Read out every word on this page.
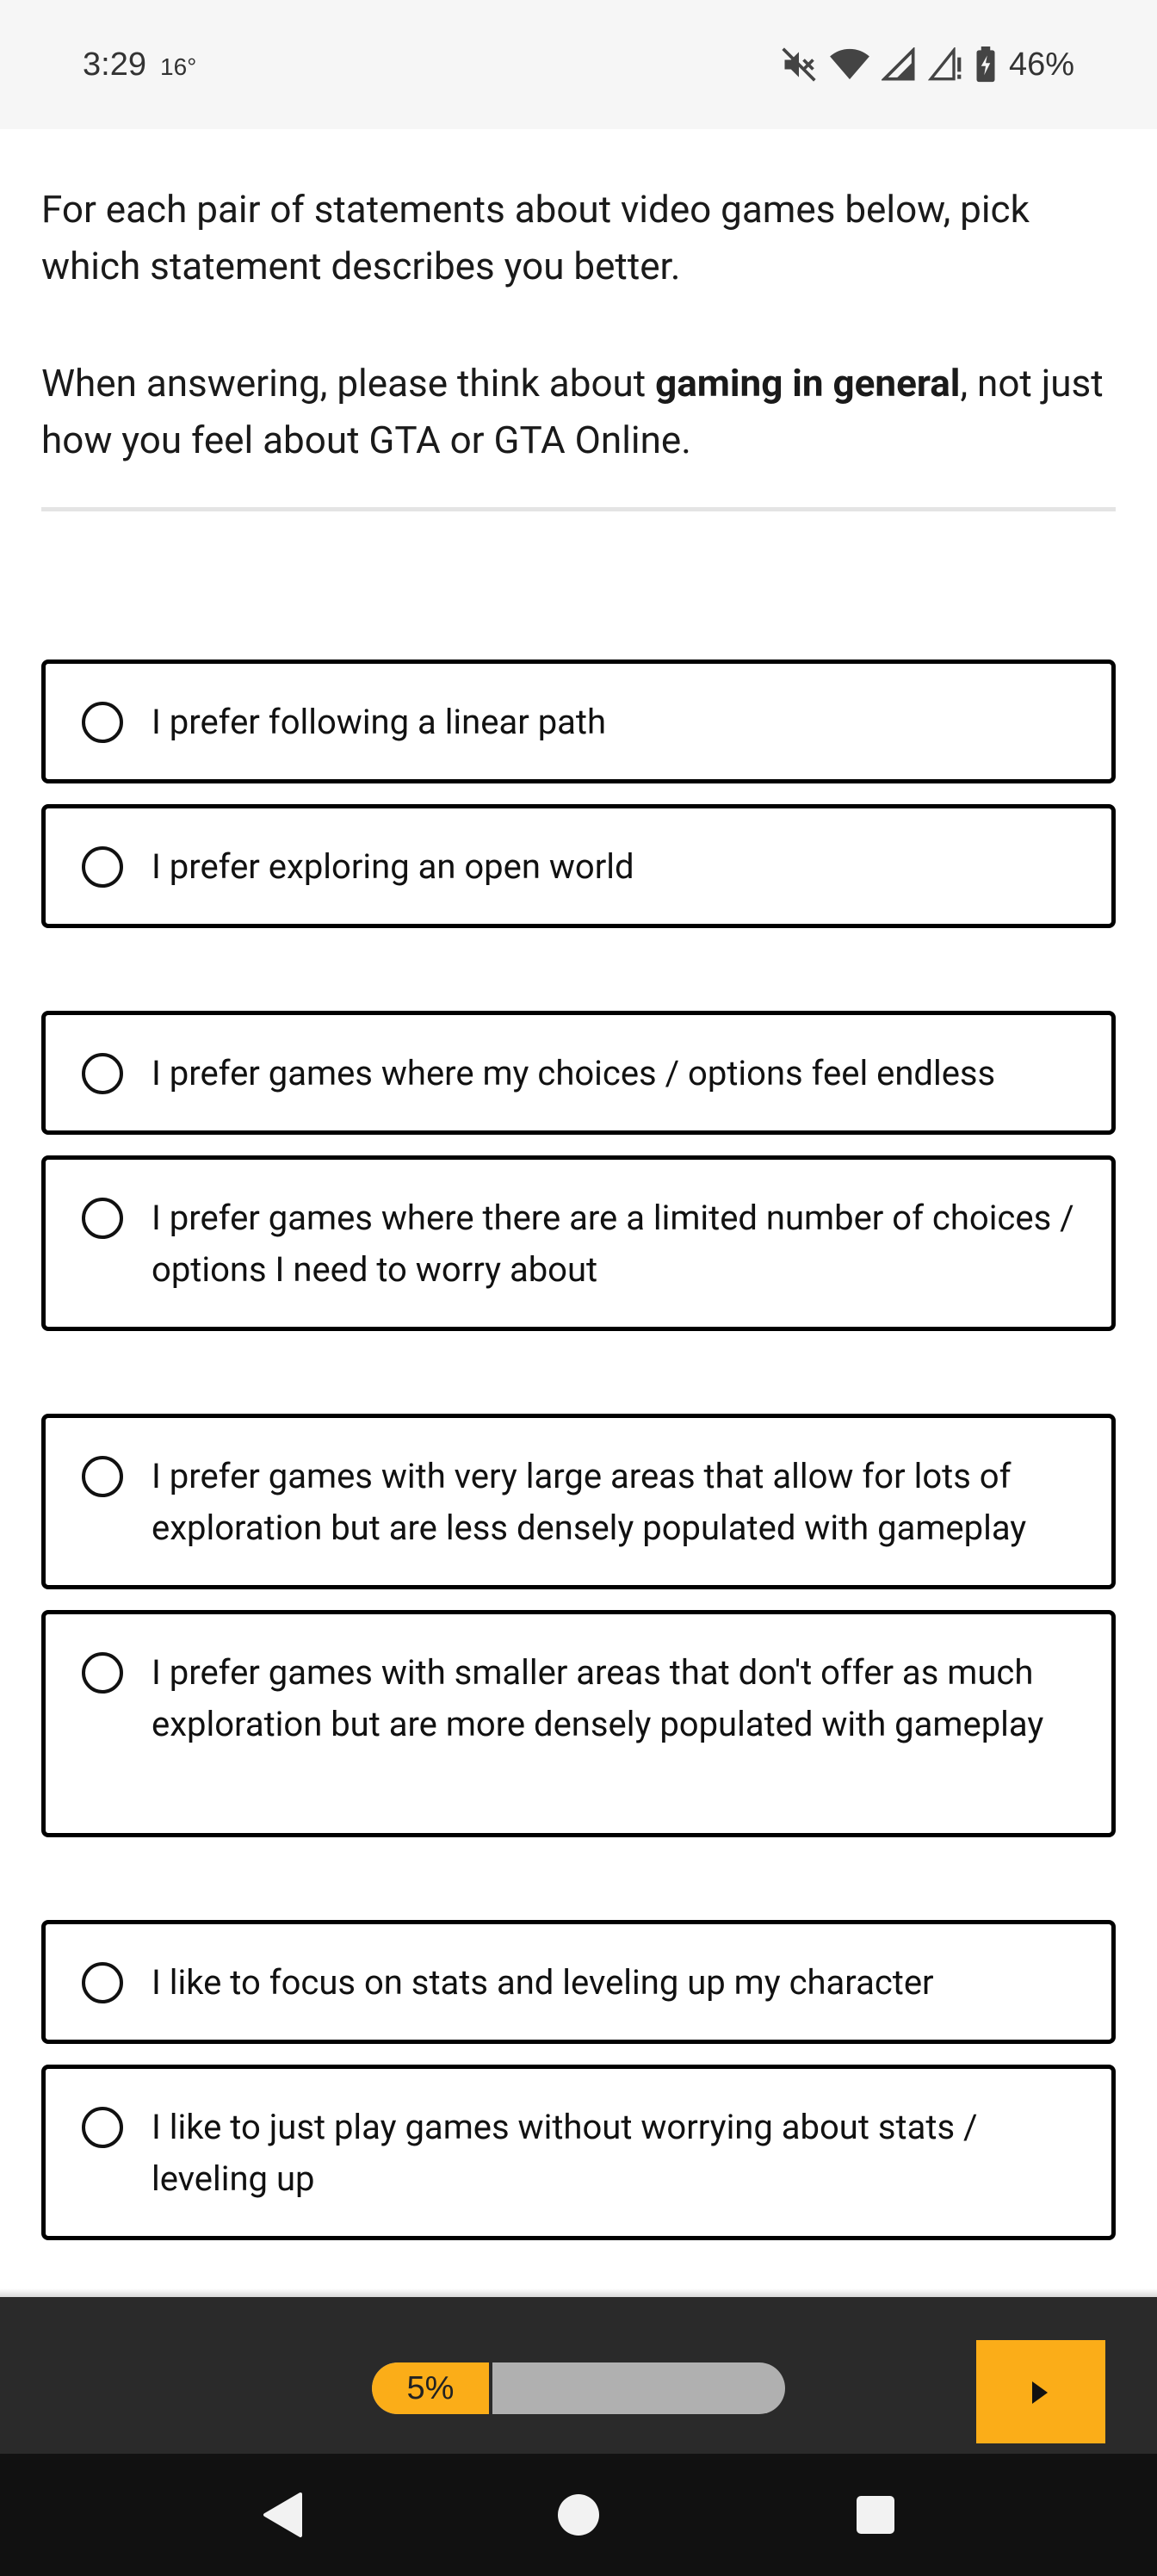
3:29 16°	46%

For each pair of statements about video games below, pick which statement describes you better.

When answering, please think about gaming in general, not just how you feel about GTA or GTA Online.

I prefer following a linear path
I prefer exploring an open world
I prefer games where my choices / options feel endless
I prefer games where there are a limited number of choices / options I need to worry about
I prefer games with very large areas that allow for lots of exploration but are less densely populated with gameplay
I prefer games with smaller areas that don't offer as much exploration but are more densely populated with gameplay
I like to focus on stats and leveling up my character
I like to just play games without worrying about stats / leveling up
5%
